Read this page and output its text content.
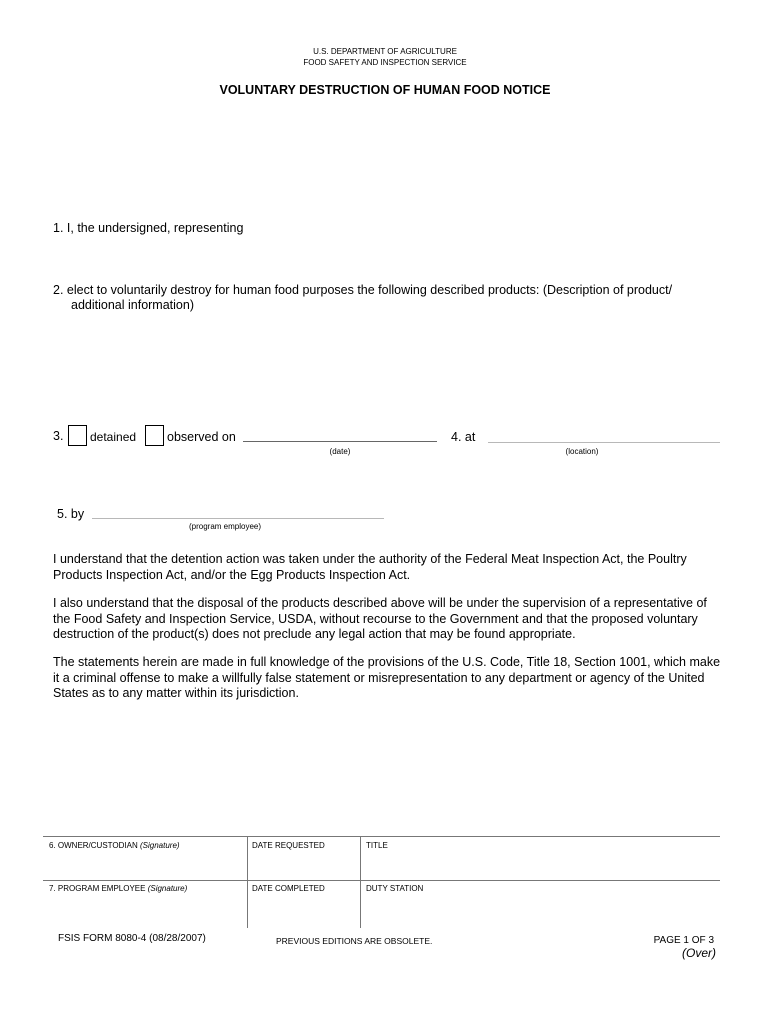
U.S. DEPARTMENT OF AGRICULTURE
FOOD SAFETY AND INSPECTION SERVICE
VOLUNTARY DESTRUCTION OF HUMAN FOOD NOTICE
1. I, the undersigned, representing
2. elect to voluntarily destroy for human food purposes the following described products: (Description of product/
additional information)
3. detained observed on
(date)
4. at
(location)
5. by
(program employee)
I understand that the detention action was taken under the authority of the Federal Meat Inspection Act, the Poultry Products Inspection Act, and/or the Egg Products Inspection Act.
I also understand that the disposal of the products described above will be under the supervision of a representative of the Food Safety and Inspection Service, USDA, without recourse to the Government and that the proposed voluntary destruction of the product(s) does not preclude any legal action that may be found appropriate.
The statements herein are made in full knowledge of the provisions of the U.S. Code, Title 18, Section 1001, which make it a criminal offense to make a willfully false statement or misrepresentation to any department or agency of the United States as to any matter within its jurisdiction.
6. OWNER/CUSTODIAN (Signature)	DATE REQUESTED	TITLE
7. PROGRAM EMPLOYEE (Signature)	DATE COMPLETED	DUTY STATION
FSIS FORM 8080-4 (08/28/2007)	PREVIOUS EDITIONS ARE OBSOLETE.	PAGE 1 OF 3
(Over)
